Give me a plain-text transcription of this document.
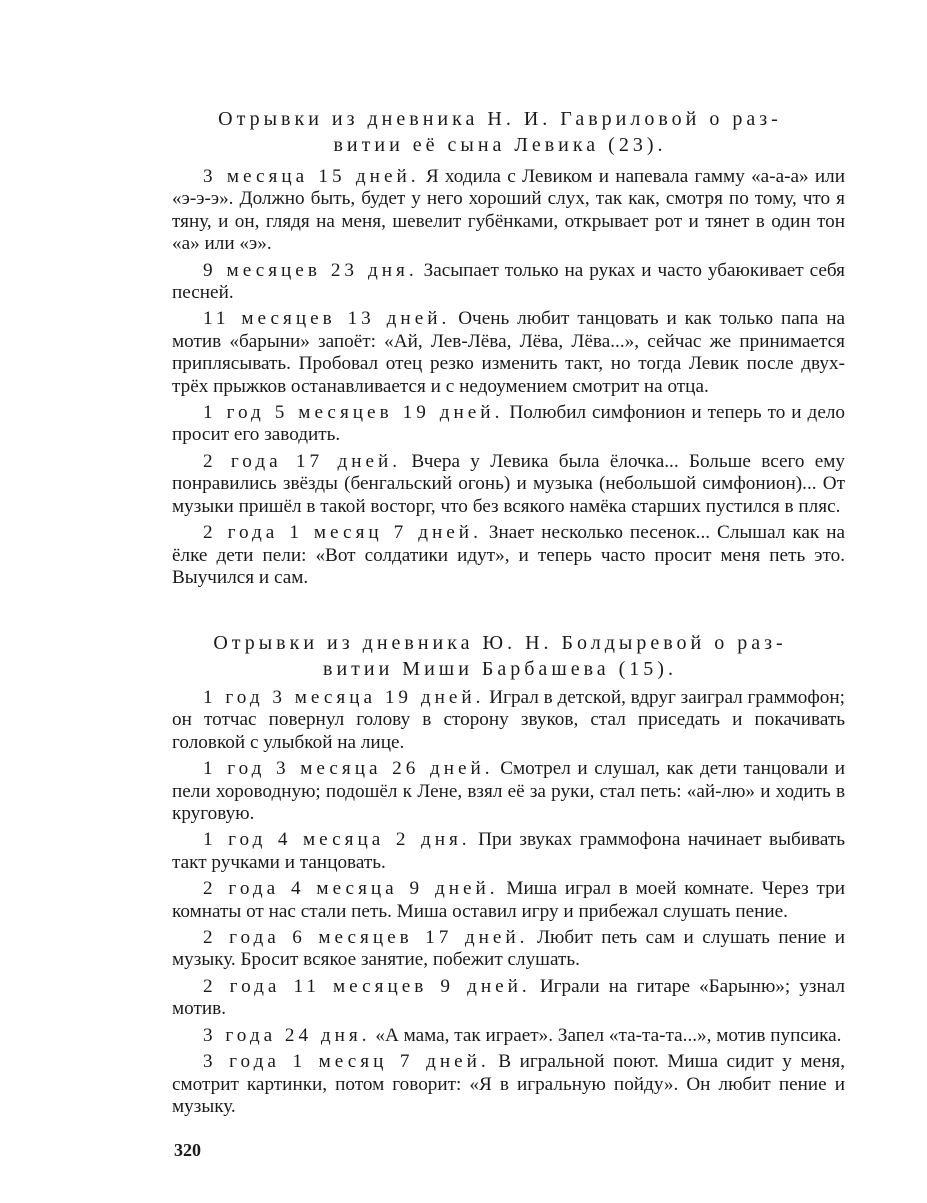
Отрывки из дневника Н. И. Гавриловой о раз-
витии её сына Левика (23).

3 месяца 15 дней. Я ходила с Левиком и напевала гамму «а-а-а» или «э-э-э». Должно быть, будет у него хороший слух, так как, смотря по тому, что я тяну, и он, глядя на меня, шевелит губёнками, открывает рот и тянет в один тон «а» или «э».

9 месяцев 23 дня. Засыпает только на руках и часто убаюкивает себя песней.

11 месяцев 13 дней. Очень любит танцовать и как только папа на мотив «барыни» запоёт: «Ай, Лев-Лёва, Лёва, Лёва...», сейчас же принимается приплясывать. Пробовал отец резко изменить такт, но тогда Левик после двух-трёх прыжков останавливается и с недоумением смотрит на отца.

1 год 5 месяцев 19 дней. Полюбил симфонион и теперь то и дело просит его заводить.

2 года 17 дней. Вчера у Левика была ёлочка... Больше всего ему понравились звёзды (бенгальский огонь) и музыка (небольшой симфонион)... От музыки пришёл в такой восторг, что без всякого намёка старших пустился в пляс.

2 года 1 месяц 7 дней. Знает несколько песенок... Слышал как на ёлке дети пели: «Вот солдатики идут», и теперь часто просит меня петь это. Выучился и сам.

Отрывки из дневника Ю. Н. Болдыревой о раз-
витии Миши Барбашева (15).

1 год 3 месяца 19 дней. Играл в детской, вдруг заиграл граммофон; он тотчас повернул голову в сторону звуков, стал приседать и покачивать головкой с улыбкой на лице.

1 год 3 месяца 26 дней. Смотрел и слушал, как дети танцовали и пели хороводную; подошёл к Лене, взял её за руки, стал петь: «ай-лю» и ходить в круговую.

1 год 4 месяца 2 дня. При звуках граммофона начинает выбивать такт ручками и танцовать.

2 года 4 месяца 9 дней. Миша играл в моей комнате. Через три комнаты от нас стали петь. Миша оставил игру и прибежал слушать пение.

2 года 6 месяцев 17 дней. Любит петь сам и слушать пение и музыку. Бросит всякое занятие, побежит слушать.

2 года 11 месяцев 9 дней. Играли на гитаре «Барыню»; узнал мотив.

3 года 24 дня. «А мама, так играет». Запел «та-та-та...», мотив пупсика.

3 года 1 месяц 7 дней. В игральной поют. Миша сидит у меня, смотрит картинки, потом говорит: «Я в игральную пойду». Он любит пение и музыку.

320
